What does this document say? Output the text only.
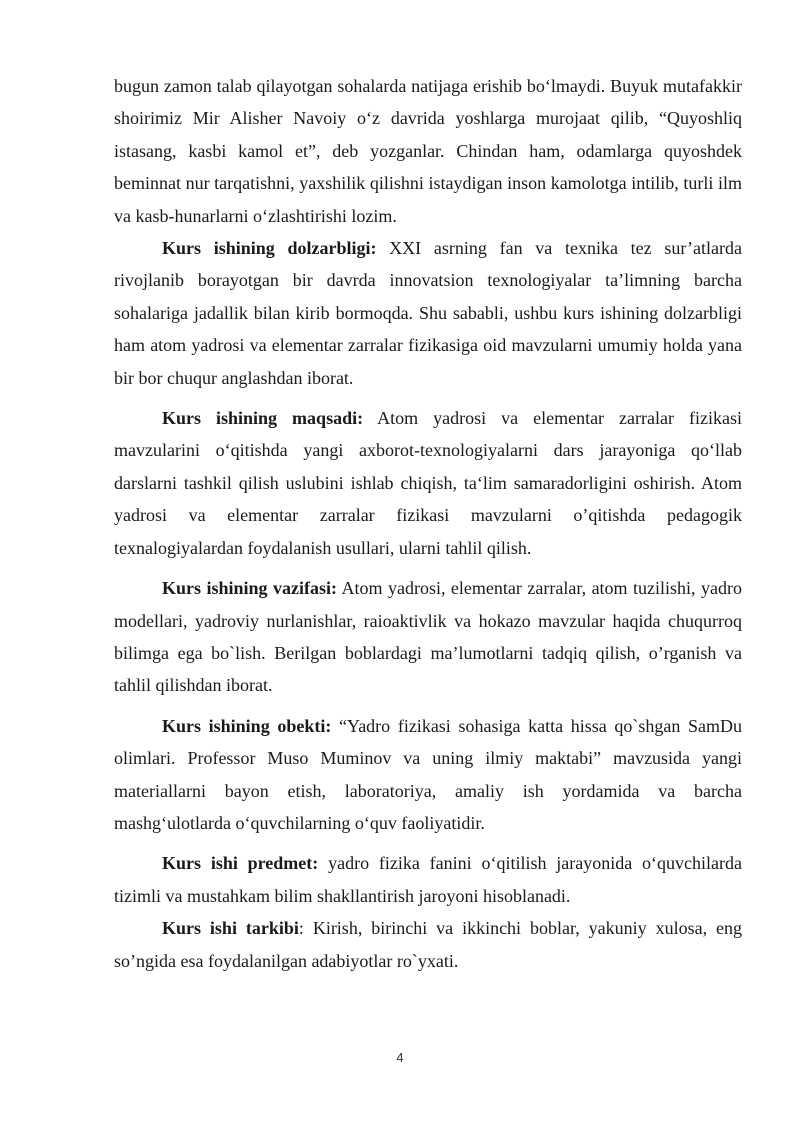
bugun zamon talab qilayotgan sohalarda natijaga erishib bo‘lmaydi. Buyuk mutafakkir shoirimiz Mir Alisher Navoiy o‘z davrida yoshlarga murojaat qilib, “Quyoshliq istasang, kasbi kamol et”, deb yozganlar. Chindan ham, odamlarga quyoshdek beminnat nur tarqatishni, yaxshilik qilishni istaydigan inson kamolotga intilib, turli ilm va kasb-hunarlarni o‘zlashtirishi lozim.

Kurs ishining dolzarbligi: XXI asrning fan va texnika tez sur’atlarda rivojlanib borayotgan bir davrda innovatsion texnologiyalar ta’limning barcha sohalariga jadallik bilan kirib bormoqda. Shu sababli, ushbu kurs ishining dolzarbligi ham atom yadrosi va elementar zarralar fizikasiga oid mavzularni umumiy holda yana bir bor chuqur anglashdan iborat.

Kurs ishining maqsadi: Atom yadrosi va elementar zarralar fizikasi mavzularini o‘qitishda yangi axborot-texnologiyalarni dars jarayoniga qo‘llab darslarni tashkil qilish uslubini ishlab chiqish, ta‘lim samaradorligini oshirish. Atom yadrosi va elementar zarralar fizikasi mavzularni o’qitishda pedagogik texnalogiyalardan foydalanish usullari, ularni tahlil qilish.

Kurs ishining vazifasi: Atom yadrosi, elementar zarralar, atom tuzilishi, yadro modellari, yadroviy nurlanishlar, raioaktivlik va hokazo mavzular haqida chuqurroq bilimga ega bo`lish. Berilgan boblardagi ma’lumotlarni tadqiq qilish, o’rganish va tahlil qilishdan iborat.

Kurs ishining obekti: “Yadro fizikasi sohasiga katta hissa qo`shgan SamDu olimlari. Professor Muso Muminov va uning ilmiy maktabi” mavzusida yangi materiallarni bayon etish, laboratoriya, amaliy ish yordamida va barcha mashg‘ulotlarda o‘quvchilarning o‘quv faoliyatidir.

Kurs ishi predmet: yadro fizika fanini o‘qitilish jarayonida o‘quvchilarda tizimli va mustahkam bilim shakllantirish jaroyoni hisoblanadi.

Kurs ishi tarkibi: Kirish, birinchi va ikkinchi boblar, yakuniy xulosa, eng so’ngida esa foydalanilgan adabiyotlar ro`yxati.

4
